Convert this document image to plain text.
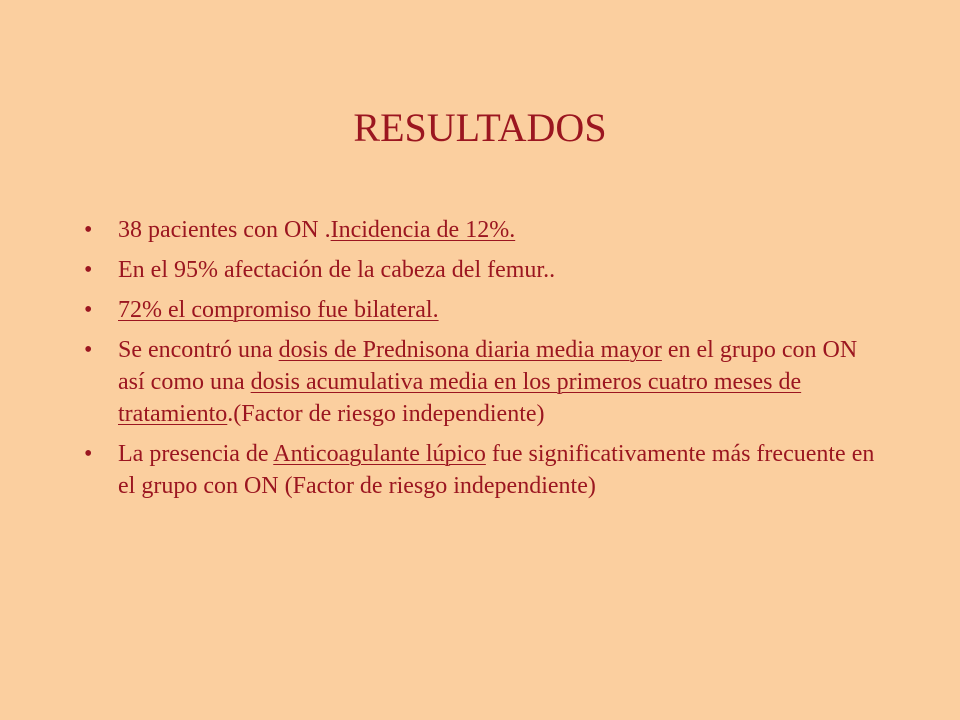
RESULTADOS
•	38 pacientes con ON .Incidencia de 12%.
•	En el 95% afectación de la cabeza del femur..
•	72% el compromiso fue bilateral.
•	Se encontró una dosis de Prednisona diaria media mayor en el grupo con ON así como una dosis acumulativa media en los primeros cuatro meses de tratamiento.(Factor de riesgo independiente)
•	La presencia de Anticoagulante lúpico fue significativamente más frecuente en el grupo con ON (Factor de riesgo independiente)
